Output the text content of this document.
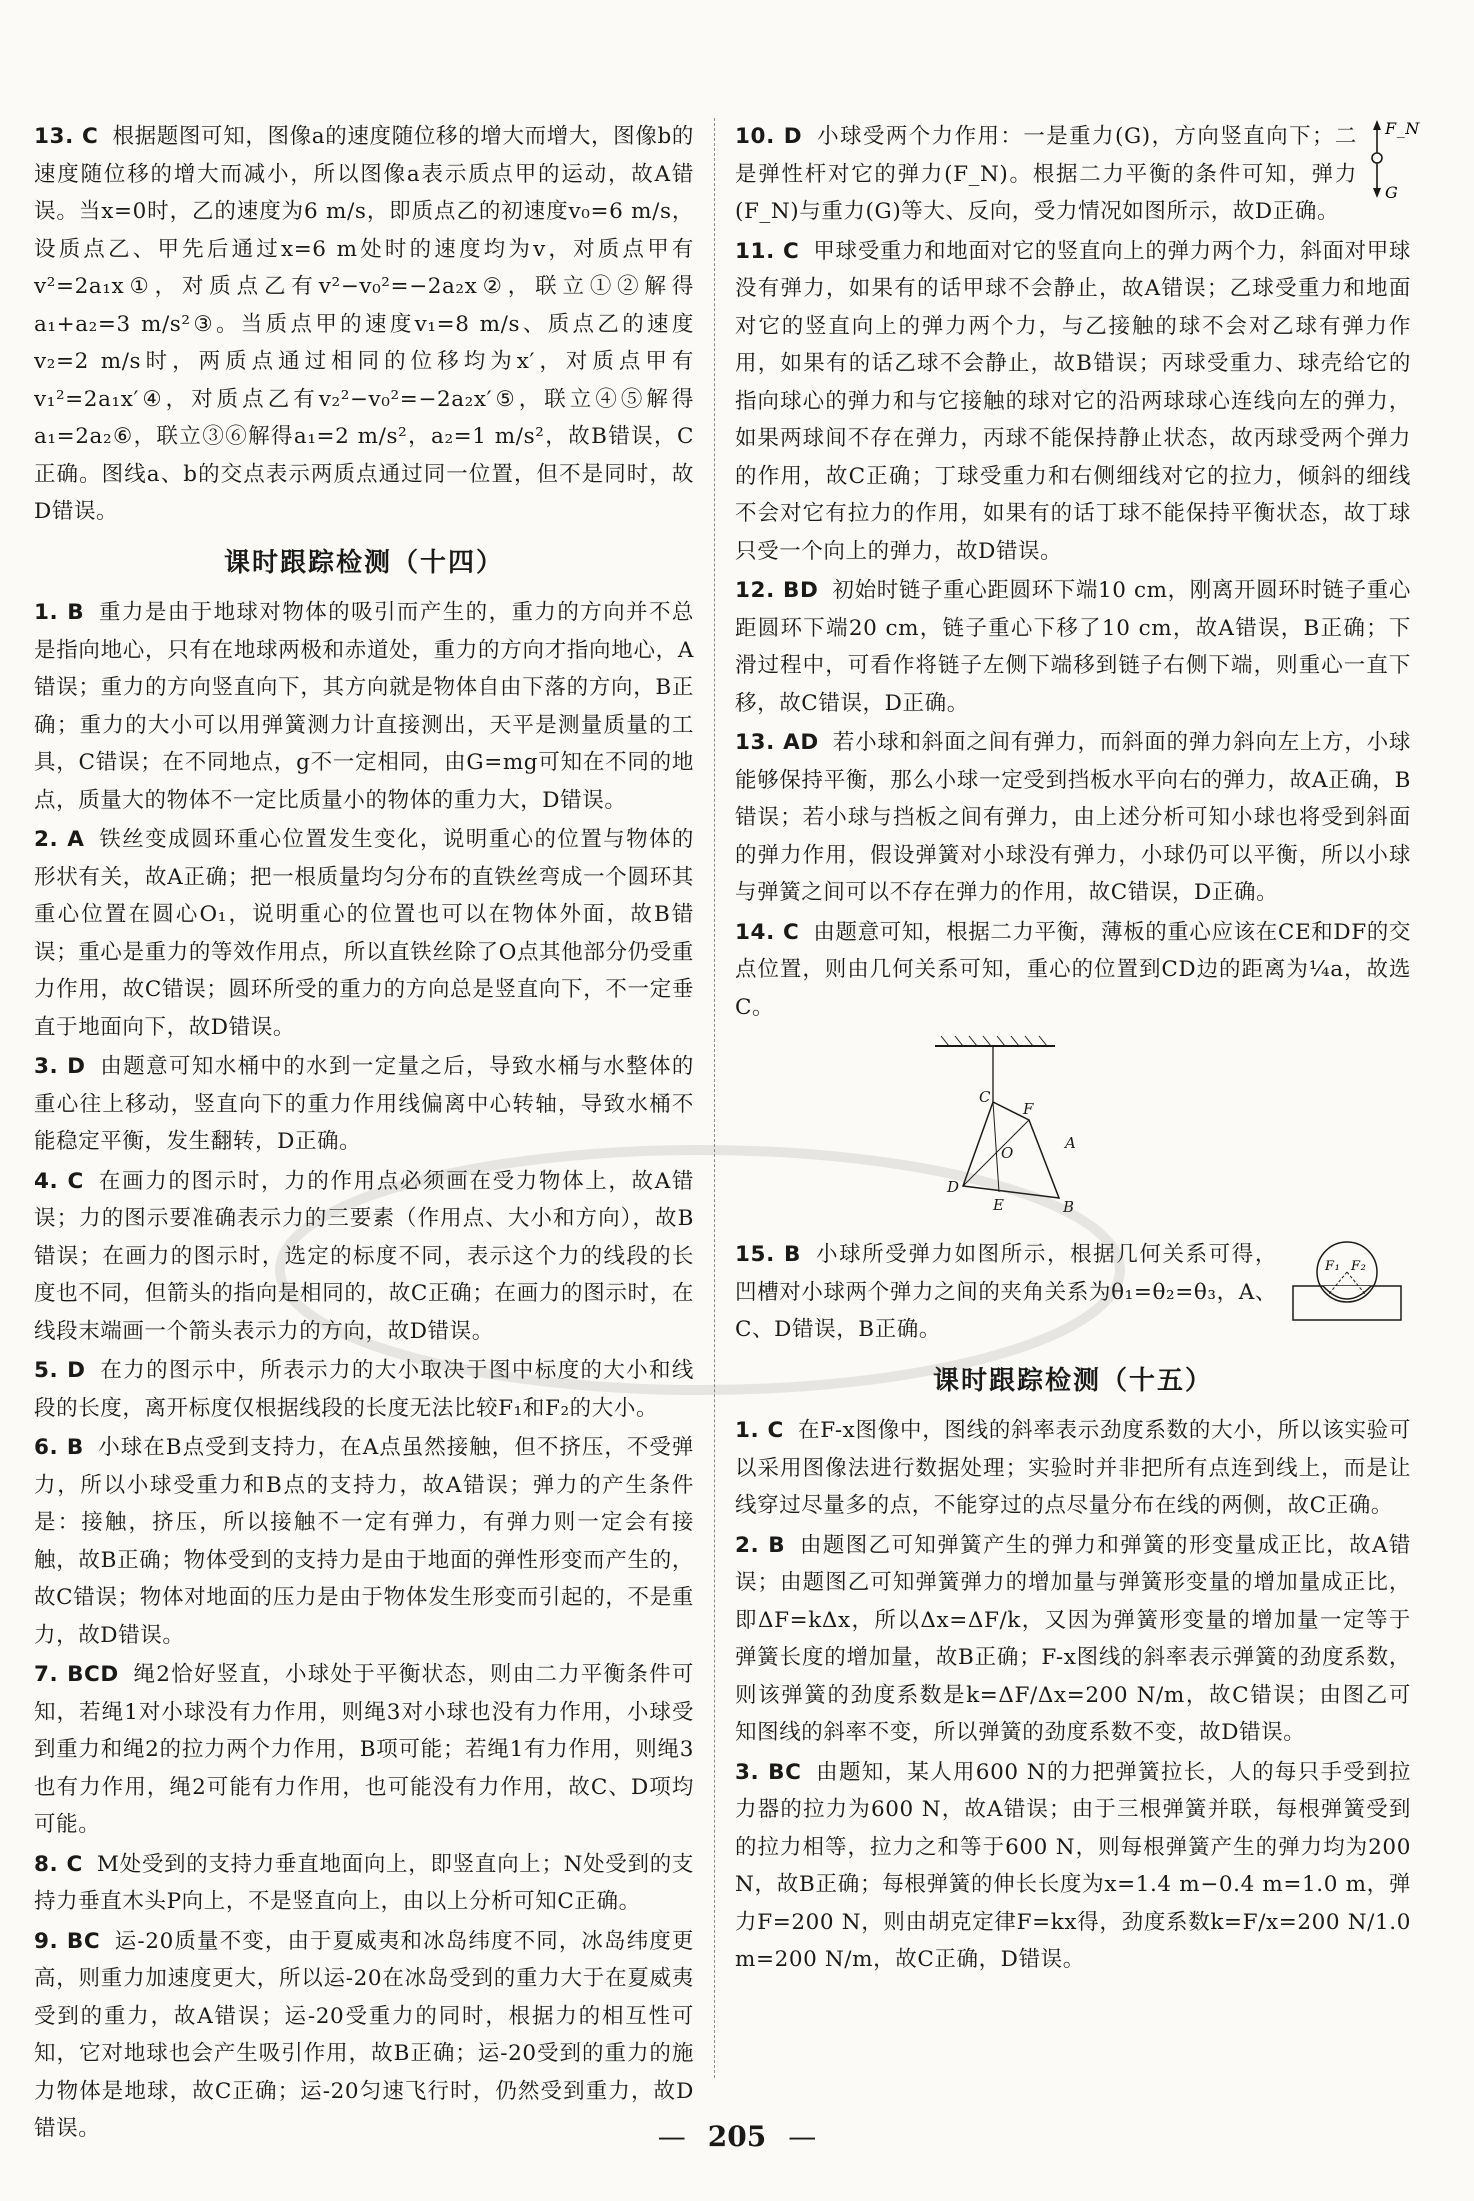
13. C 根据题图可知，图像a的速度随位移的增大而增大，图像b的速度随位移的增大而减小，所以图像a表示质点甲的运动，故A错误。当x=0时，乙的速度为6 m/s，即质点乙的初速度v₀=6 m/s，设质点乙、甲先后通过x=6 m处时的速度均为v，对质点甲有v²=2a₁x①，对质点乙有v²−v₀²=−2a₂x②，联立①②解得a₁+a₂=3 m/s²③。当质点甲的速度v₁=8 m/s、质点乙的速度v₂=2 m/s时，两质点通过相同的位移均为x′，对质点甲有v₁²=2a₁x′④，对质点乙有v₂²−v₀²=−2a₂x′⑤，联立④⑤解得a₁=2a₂⑥，联立③⑥解得a₁=2 m/s²，a₂=1 m/s²，故B错误，C正确。图线a、b的交点表示两质点通过同一位置，但不是同时，故D错误。

课时跟踪检测（十四）

1. B 重力是由于地球对物体的吸引而产生的，重力的方向并不总是指向地心，只有在地球两极和赤道处，重力的方向才指向地心，A错误；重力的方向竖直向下，其方向就是物体自由下落的方向，B正确；重力的大小可以用弹簧测力计直接测出，天平是测量质量的工具，C错误；在不同地点，g不一定相同，由G=mg可知在不同的地点，质量大的物体不一定比质量小的物体的重力大，D错误。

2. A 铁丝变成圆环重心位置发生变化，说明重心的位置与物体的形状有关，故A正确；把一根质量均匀分布的直铁丝弯成一个圆环其重心位置在圆心O₁，说明重心的位置也可以在物体外面，故B错误；重心是重力的等效作用点，所以直铁丝除了O点其他部分仍受重力作用，故C错误；圆环所受的重力的方向总是竖直向下，不一定垂直于地面向下，故D错误。

3. D 由题意可知水桶中的水到一定量之后，导致水桶与水整体的重心往上移动，竖直向下的重力作用线偏离中心转轴，导致水桶不能稳定平衡，发生翻转，D正确。

4. C 在画力的图示时，力的作用点必须画在受力物体上，故A错误；力的图示要准确表示力的三要素（作用点、大小和方向），故B错误；在画力的图示时，选定的标度不同，表示这个力的线段的长度也不同，但箭头的指向是相同的，故C正确；在画力的图示时，在线段末端画一个箭头表示力的方向，故D错误。

5. D 在力的图示中，所表示力的大小取决于图中标度的大小和线段的长度，离开标度仅根据线段的长度无法比较F₁和F₂的大小。

6. B 小球在B点受到支持力，在A点虽然接触，但不挤压，不受弹力，所以小球受重力和B点的支持力，故A错误；弹力的产生条件是：接触，挤压，所以接触不一定有弹力，有弹力则一定会有接触，故B正确；物体受到的支持力是由于地面的弹性形变而产生的，故C错误；物体对地面的压力是由于物体发生形变而引起的，不是重力，故D错误。

7. BCD 绳2恰好竖直，小球处于平衡状态，则由二力平衡条件可知，若绳1对小球没有力作用，则绳3对小球也没有力作用，小球受到重力和绳2的拉力两个力作用，B项可能；若绳1有力作用，则绳3也有力作用，绳2可能有力作用，也可能没有力作用，故C、D项均可能。

8. C M处受到的支持力垂直地面向上，即竖直向上；N处受到的支持力垂直木头P向上，不是竖直向上，由以上分析可知C正确。

9. BC 运-20质量不变，由于夏威夷和冰岛纬度不同，冰岛纬度更高，则重力加速度更大，所以运-20在冰岛受到的重力大于在夏威夷受到的重力，故A错误；运-20受重力的同时，根据力的相互性可知，它对地球也会产生吸引作用，故B正确；运-20受到的重力的施力物体是地球，故C正确；运-20匀速飞行时，仍然受到重力，故D错误。

F_N
G

10. D 小球受两个力作用：一是重力(G)，方向竖直向下；二是弹性杆对它的弹力(F_N)。根据二力平衡的条件可知，弹力(F_N)与重力(G)等大、反向，受力情况如图所示，故D正确。

11. C 甲球受重力和地面对它的竖直向上的弹力两个力，斜面对甲球没有弹力，如果有的话甲球不会静止，故A错误；乙球受重力和地面对它的竖直向上的弹力两个力，与乙接触的球不会对乙球有弹力作用，如果有的话乙球不会静止，故B错误；丙球受重力、球壳给它的指向球心的弹力和与它接触的球对它的沿两球球心连线向左的弹力，如果两球间不存在弹力，丙球不能保持静止状态，故丙球受两个弹力的作用，故C正确；丁球受重力和右侧细线对它的拉力，倾斜的细线不会对它有拉力的作用，如果有的话丁球不能保持平衡状态，故丁球只受一个向上的弹力，故D错误。

12. BD 初始时链子重心距圆环下端10 cm，刚离开圆环时链子重心距圆环下端20 cm，链子重心下移了10 cm，故A错误，B正确；下滑过程中，可看作将链子左侧下端移到链子右侧下端，则重心一直下移，故C错误，D正确。

13. AD 若小球和斜面之间有弹力，而斜面的弹力斜向左上方，小球能够保持平衡，那么小球一定受到挡板水平向右的弹力，故A正确，B错误；若小球与挡板之间有弹力，由上述分析可知小球也将受到斜面的弹力作用，假设弹簧对小球没有弹力，小球仍可以平衡，所以小球与弹簧之间可以不存在弹力的作用，故C错误，D正确。

14. C 由题意可知，根据二力平衡，薄板的重心应该在CE和DF的交点位置，则由几何关系可知，重心的位置到CD边的距离为¼a，故选C。

C
F
A
O
D
E	B
F₁ F₂

15. B 小球所受弹力如图所示，根据几何关系可得，凹槽对小球两个弹力之间的夹角关系为θ₁=θ₂=θ₃，A、C、D错误，B正确。

课时跟踪检测（十五）

1. C 在F-x图像中，图线的斜率表示劲度系数的大小，所以该实验可以采用图像法进行数据处理；实验时并非把所有点连到线上，而是让线穿过尽量多的点，不能穿过的点尽量分布在线的两侧，故C正确。

2. B 由题图乙可知弹簧产生的弹力和弹簧的形变量成正比，故A错误；由题图乙可知弹簧弹力的增加量与弹簧形变量的增加量成正比，即ΔF=kΔx，所以Δx=ΔF/k，又因为弹簧形变量的增加量一定等于弹簧长度的增加量，故B正确；F-x图线的斜率表示弹簧的劲度系数，则该弹簧的劲度系数是k=ΔF/Δx=200 N/m，故C错误；由图乙可知图线的斜率不变，所以弹簧的劲度系数不变，故D错误。

3. BC 由题知，某人用600 N的力把弹簧拉长，人的每只手受到拉力器的拉力为600 N，故A错误；由于三根弹簧并联，每根弹簧受到的拉力相等，拉力之和等于600 N，则每根弹簧产生的弹力均为200 N，故B正确；每根弹簧的伸长长度为x=1.4 m−0.4 m=1.0 m，弹力F=200 N，则由胡克定律F=kx得，劲度系数k=F/x=200 N/1.0 m=200 N/m，故C正确，D错误。

— 205 —
